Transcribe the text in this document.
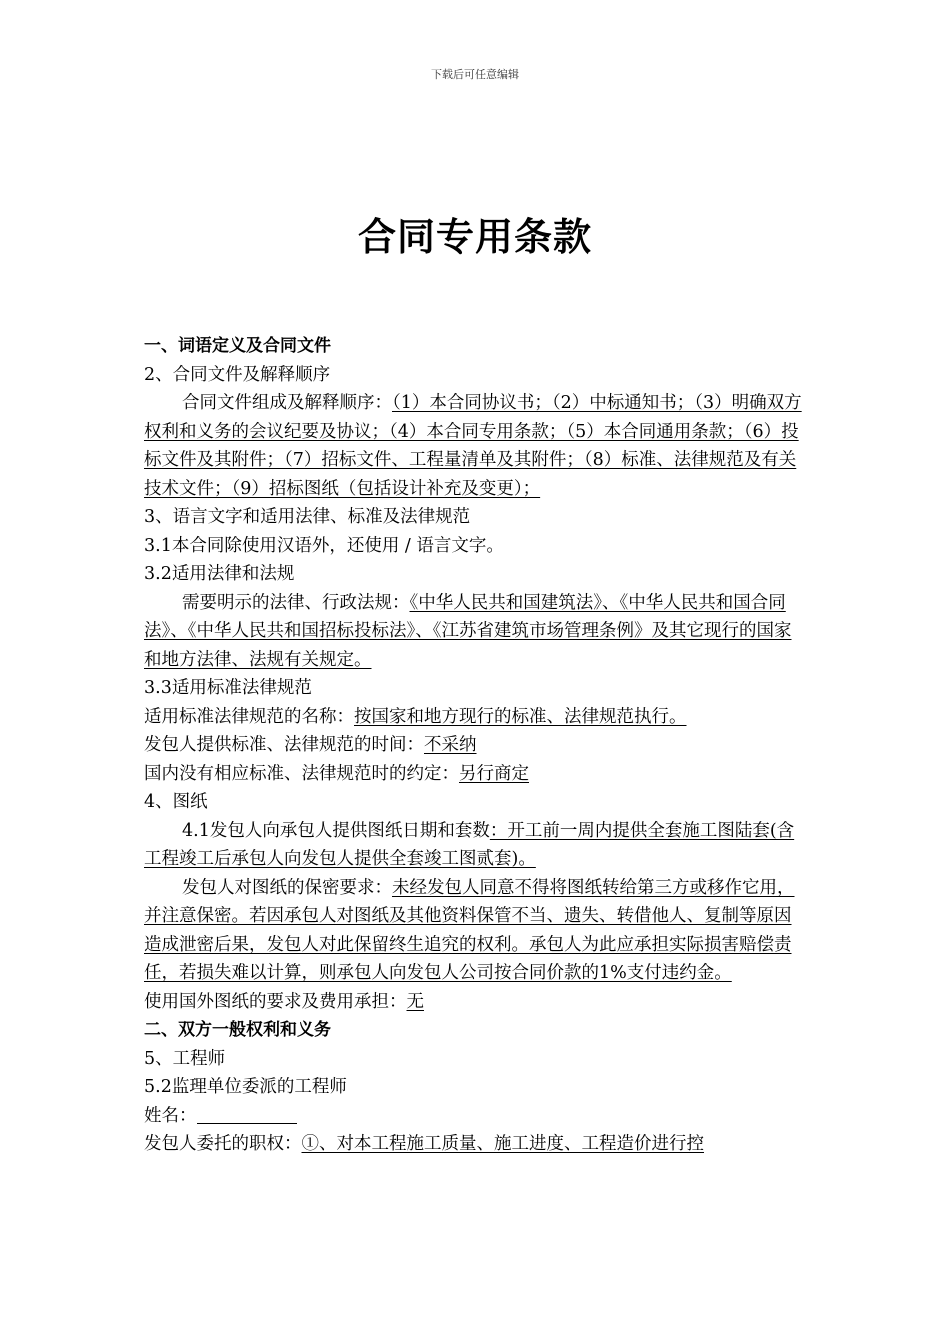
下载后可任意编辑
合同专用条款

一、词语定义及合同文件

2、合同文件及解释顺序

合同文件组成及解释顺序：（1）本合同协议书；（2）中标通知书；（3）明确双方权利和义务的会议纪要及协议；（4）本合同专用条款；（5）本合同通用条款；（6）投标文件及其附件；（7）招标文件、工程量清单及其附件；（8）标准、法律规范及有关技术文件；（9）招标图纸（包括设计补充及变更）；

3、语言文字和适用法律、标准及法律规范

3.1本合同除使用汉语外，还使用 / 语言文字。

3.2适用法律和法规

需要明示的法律、行政法规：《中华人民共和国建筑法》、《中华人民共和国合同法》、《中华人民共和国招标投标法》、《江苏省建筑市场管理条例》及其它现行的国家和地方法律、法规有关规定。

3.3适用标准法律规范

适用标准法律规范的名称：按国家和地方现行的标准、法律规范执行。

发包人提供标准、法律规范的时间：不采纳

国内没有相应标准、法律规范时的约定：另行商定

4、图纸

4.1发包人向承包人提供图纸日期和套数：开工前一周内提供全套施工图陆套(含工程竣工后承包人向发包人提供全套竣工图贰套)。

发包人对图纸的保密要求：未经发包人同意不得将图纸转给第三方或移作它用，并注意保密。若因承包人对图纸及其他资料保管不当、遗失、转借他人、复制等原因造成泄密后果，发包人对此保留终生追究的权利。承包人为此应承担实际损害赔偿责任，若损失难以计算，则承包人向发包人公司按合同价款的1%支付违约金。

使用国外图纸的要求及费用承担：无

二、双方一般权利和义务

5、工程师

5.2监理单位委派的工程师

姓名：

发包人委托的职权：①、对本工程施工质量、施工进度、工程造价进行控
